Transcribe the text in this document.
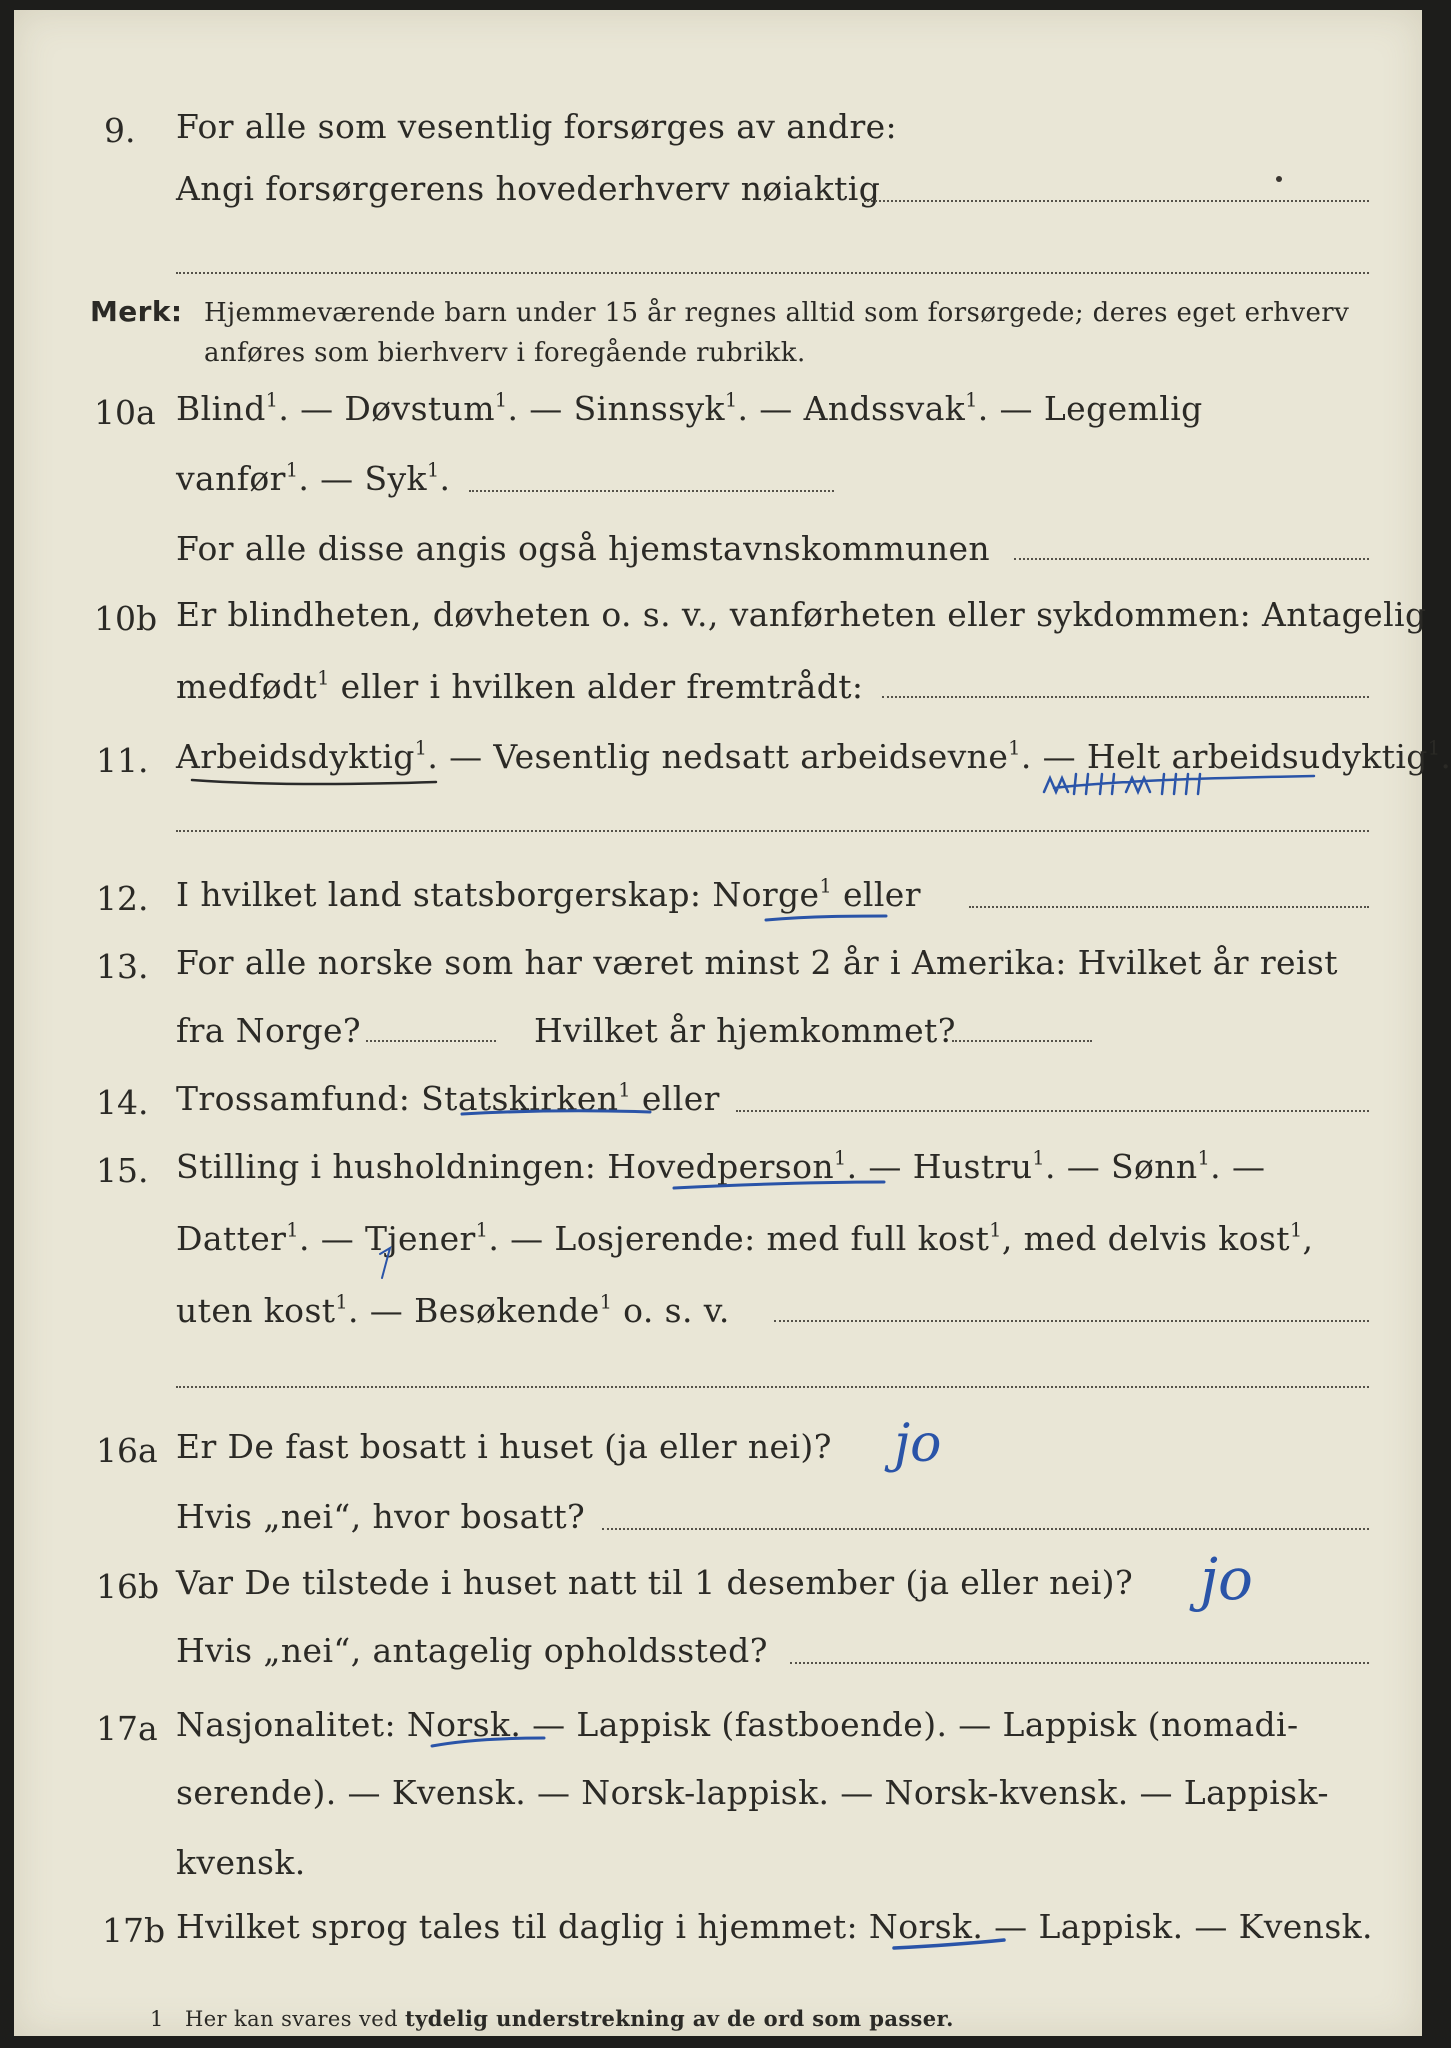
9. For alle som vesentlig forsørges av andre:
Angi forsørgerens hovederhverv nøiaktig
Merk: Hjemmeværende barn under 15 år regnes alltid som forsørgede; deres eget erhverv
anføres som bierhverv i foregående rubrikk.
10a Blind$^1$. — Døvstum$^1$. — Sinnssyk$^1$. — Andssvak$^1$. — Legemlig
vanfør$^1$. — Syk$^1$.
For alle disse angis også hjemstavnskommunen
10b Er blindheten, døvheten o. s. v., vanførheten eller sykdommen: Antagelig
medfødt$^1$ eller i hvilken alder fremtrådt:
11. Arbeidsdyktig$^1$. — Vesentlig nedsatt arbeidsevne$^1$. — Helt arbeidsudyktig$^1$.
12. I hvilket land statsborgerskap: Norge$^1$ eller
13. For alle norske som har været minst 2 år i Amerika: Hvilket år reist
fra Norge?	Hvilket år hjemkommet?
14. Trossamfund: Statskirken$^1$ eller
15. Stilling i husholdningen: Hovedperson$^1$. — Hustru$^1$. — Sønn$^1$. —
Datter$^1$. — Tjener$^1$. — Losjerende: med full kost$^1$, med delvis kost$^1$,
uten kost$^1$. — Besøkende$^1$ o. s. v.
16a Er De fast bosatt i huset (ja eller nei)?
Hvis „nei“, hvor bosatt?
16b Var De tilstede i huset natt til 1 desember (ja eller nei)?
Hvis „nei“, antagelig opholdssted?
17a Nasjonalitet: Norsk. — Lappisk (fastboende). — Lappisk (nomadi-
serende). — Kvensk. — Norsk-lappisk. — Norsk-kvensk. — Lappisk-
kvensk.
17b Hvilket sprog tales til daglig i hjemmet: Norsk. — Lappisk. — Kvensk.
1 Her kan svares ved tydelig understrekning av de ord som passer.
jo
jo
